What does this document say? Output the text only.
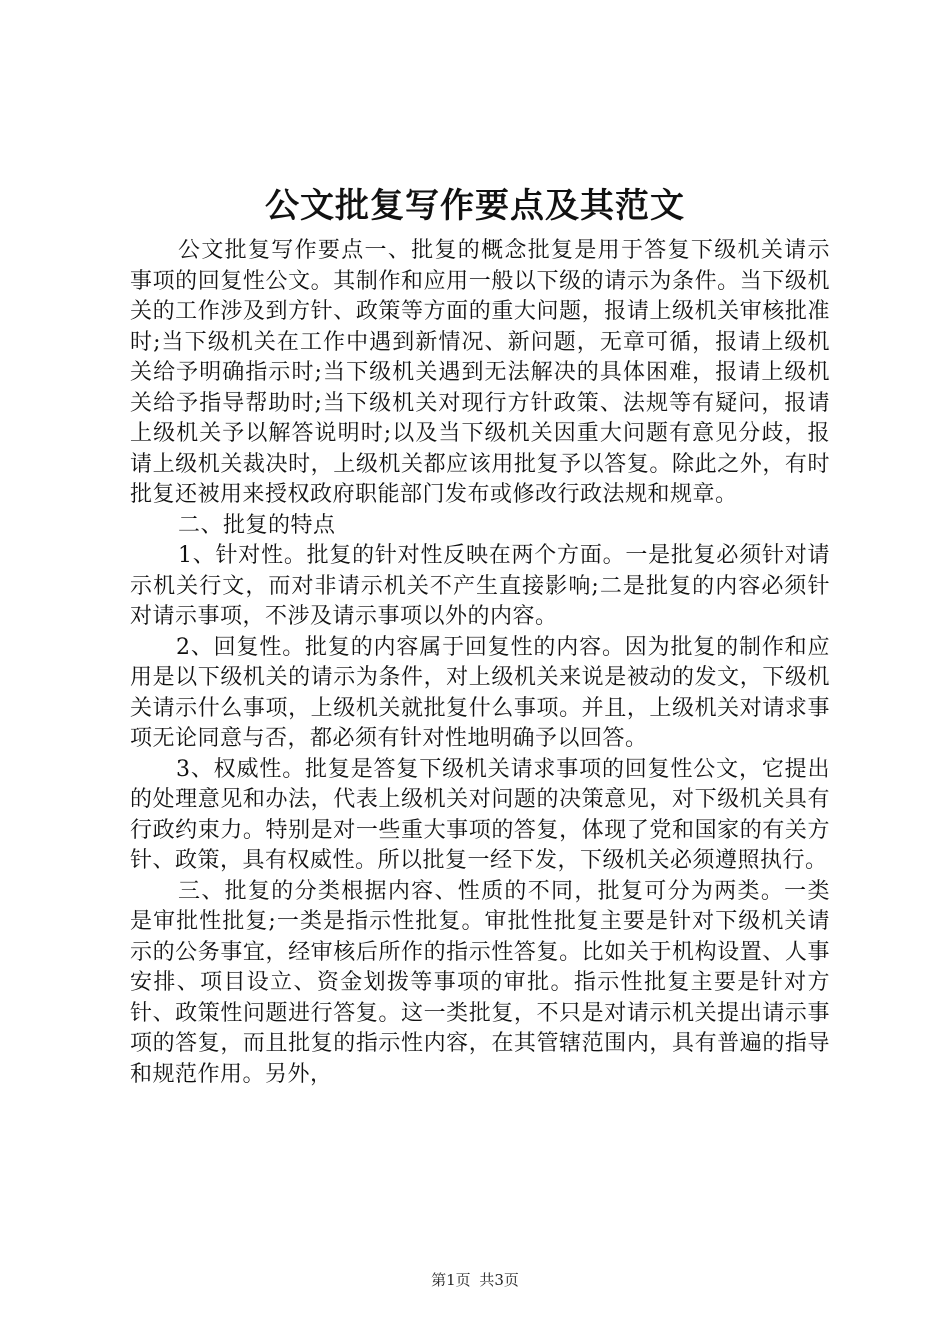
公文批复写作要点及其范文

公文批复写作要点一、批复的概念批复是用于答复下级机关请示事项的回复性公文。其制作和应用一般以下级的请示为条件。当下级机关的工作涉及到方针、政策等方面的重大问题，报请上级机关审核批准时;当下级机关在工作中遇到新情况、新问题，无章可循，报请上级机关给予明确指示时;当下级机关遇到无法解决的具体困难，报请上级机关给予指导帮助时;当下级机关对现行方针政策、法规等有疑问，报请上级机关予以解答说明时;以及当下级机关因重大问题有意见分歧，报请上级机关裁决时，上级机关都应该用批复予以答复。除此之外，有时批复还被用来授权政府职能部门发布或修改行政法规和规章。

二、批复的特点

1、针对性。批复的针对性反映在两个方面。一是批复必须针对请示机关行文，而对非请示机关不产生直接影响;二是批复的内容必须针对请示事项，不涉及请示事项以外的内容。

2、回复性。批复的内容属于回复性的内容。因为批复的制作和应用是以下级机关的请示为条件，对上级机关来说是被动的发文，下级机关请示什么事项，上级机关就批复什么事项。并且，上级机关对请求事项无论同意与否，都必须有针对性地明确予以回答。

3、权威性。批复是答复下级机关请求事项的回复性公文，它提出的处理意见和办法，代表上级机关对问题的决策意见，对下级机关具有行政约束力。特别是对一些重大事项的答复，体现了党和国家的有关方针、政策，具有权威性。所以批复一经下发，下级机关必须遵照执行。

三、批复的分类根据内容、性质的不同，批复可分为两类。一类是审批性批复;一类是指示性批复。审批性批复主要是针对下级机关请示的公务事宜，经审核后所作的指示性答复。比如关于机构设置、人事安排、项目设立、资金划拨等事项的审批。指示性批复主要是针对方针、政策性问题进行答复。这一类批复，不只是对请示机关提出请示事项的答复，而且批复的指示性内容，在其管辖范围内，具有普遍的指导和规范作用。另外，

第1页 共3页
